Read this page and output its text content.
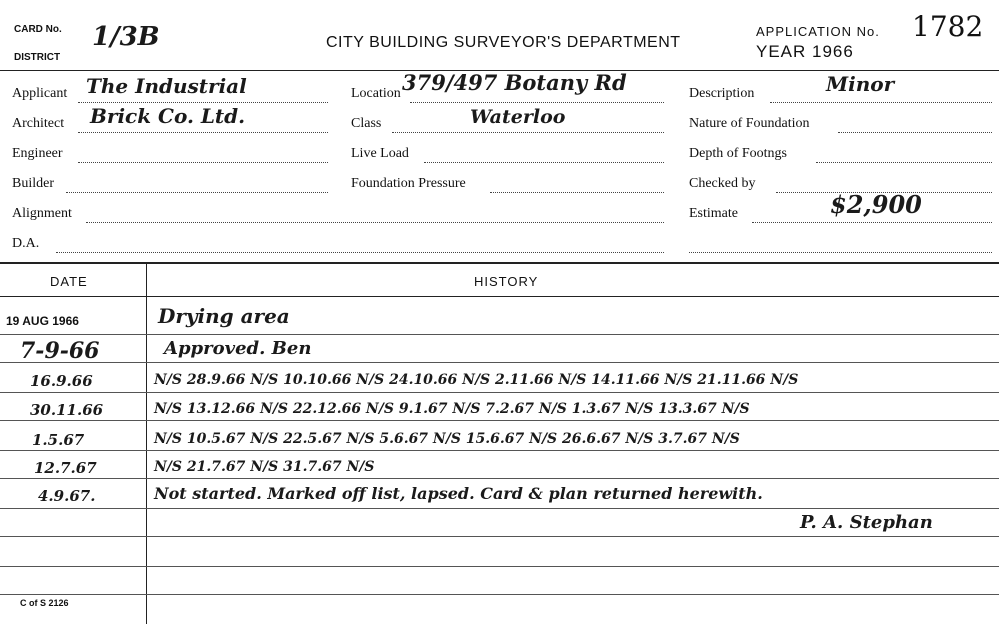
CARD No.
DISTRICT
1/3B	CITY BUILDING SURVEYOR'S DEPARTMENT
APPLICATION No. 1782
YEAR 1966
Applicant The Industrial
Architect Brick Co. Ltd.
Engineer
Builder
Alignment
D.A.
Location 379/497 Botany Rd
Class	Waterloo
Live Load
Foundation Pressure
Description	Minor
Nature of Foundation
Depth of Footngs
Checked by
Estimate	$2,900
DATE	HISTORY
19 AUG 1966	Drying area
7-9-66	Approved. Ben
16.9.66	N/S 28.9.66 N/S 10.10.66 N/S 24.10.66 N/S 2.11.66 N/S 14.11.66 N/S 21.11.66 N/S
30.11.66	N/S 13.12.66 N/S 22.12.66 N/S 9.1.67 N/S 7.2.67 N/S 1.3.67 N/S 13.3.67 N/S
1.5.67	N/S 10.5.67 N/S 22.5.67 N/S 5.6.67 N/S 15.6.67 N/S 26.6.67 N/S 3.7.67 N/S
12.7.67	N/S 21.7.67 N/S 31.7.67 N/S
4.9.67.	Not started. Marked off list, lapsed. Card & plan returned herewith.
P. A. Stephan
C of S 2126
